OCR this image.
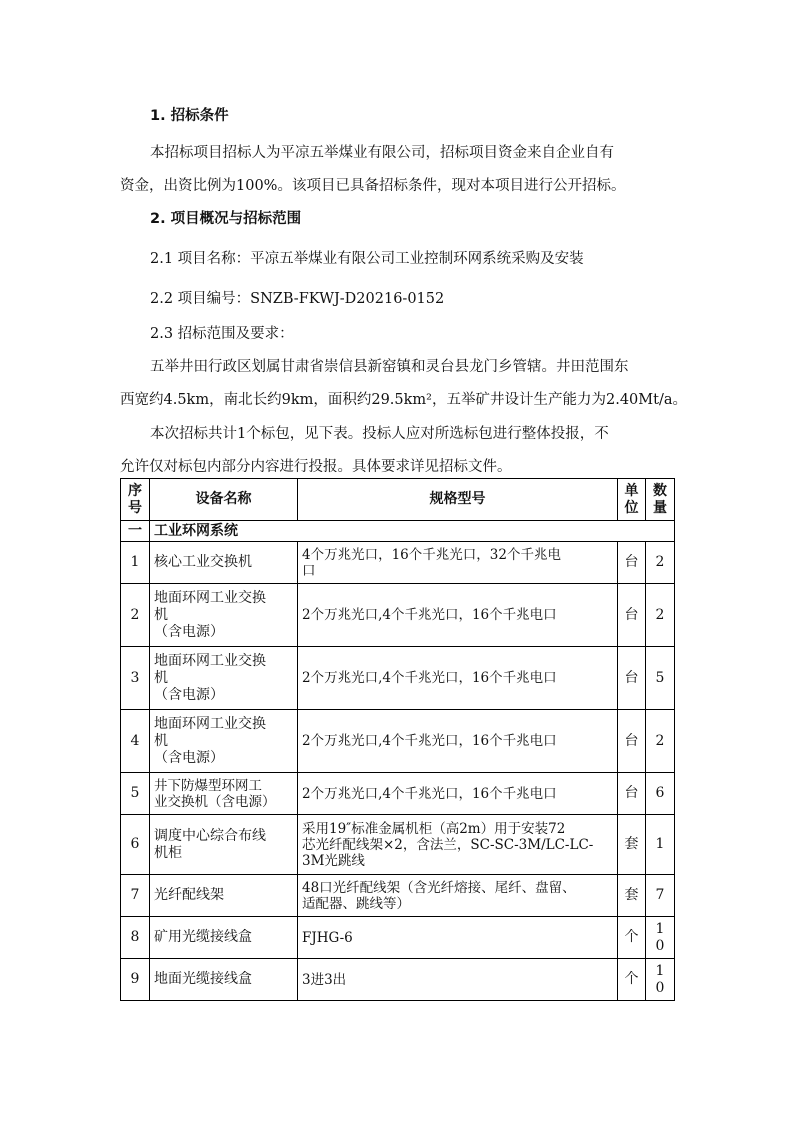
1. 招标条件
本招标项目招标人为平凉五举煤业有限公司，招标项目资金来自企业自有
资金，出资比例为100%。该项目已具备招标条件，现对本项目进行公开招标。
2. 项目概况与招标范围
2.1 项目名称：平凉五举煤业有限公司工业控制环网系统采购及安装
2.2 项目编号：SNZB-FKWJ-D20216-0152
2.3 招标范围及要求：
五举井田行政区划属甘肃省崇信县新窑镇和灵台县龙门乡管辖。井田范围东
西宽约4.5km，南北长约9km，面积约29.5km²，五举矿井设计生产能力为2.40Mt/a。
本次招标共计1个标包，见下表。投标人应对所选标包进行整体投报，不
允许仅对标包内部分内容进行投报。具体要求详见招标文件。
序
号	设备名称	规格型号	单
位	数
量
一	工业环网系统			
1	核心工业交换机	4个万兆光口，16个千兆光口，32个千兆电
口	台	2
2	地面环网工业交换
机
（含电源）	2个万兆光口,4个千兆光口，16个千兆电口	台	2
3	地面环网工业交换
机
（含电源）	2个万兆光口,4个千兆光口，16个千兆电口	台	5
4	地面环网工业交换
机
（含电源）	2个万兆光口,4个千兆光口，16个千兆电口	台	2
5	井下防爆型环网工
业交换机（含电源）	2个万兆光口,4个千兆光口，16个千兆电口	台	6
6	调度中心综合布线
机柜	采用19″标准金属机柜（高2m）用于安装72
芯光纤配线架×2，含法兰，SC-SC-3M/LC-LC-
3M光跳线	套	1
7	光纤配线架	48口光纤配线架（含光纤熔接、尾纤、盘留、
适配器、跳线等）	套	7
8	矿用光缆接线盒	FJHG-6	个	1
0
9	地面光缆接线盒	3进3出	个	1
0
